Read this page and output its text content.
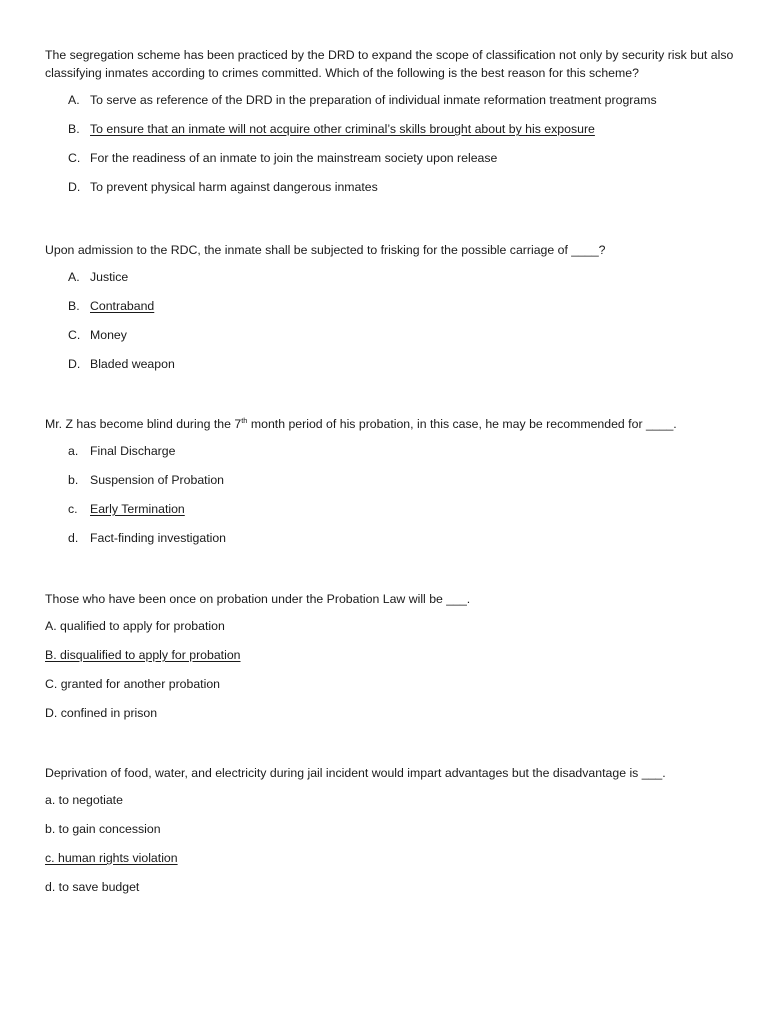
The segregation scheme has been practiced by the DRD to expand the scope of classification not only by security risk but also classifying inmates according to crimes committed. Which of the following is the best reason for this scheme?

A. To serve as reference of the DRD in the preparation of individual inmate reformation treatment programs
B. To ensure that an inmate will not acquire other criminal’s skills brought about by his exposure
C. For the readiness of an inmate to join the mainstream society upon release
D. To prevent physical harm against dangerous inmates

Upon admission to the RDC, the inmate shall be subjected to frisking for the possible carriage of ____?

A. Justice
B. Contraband
C. Money
D. Bladed weapon

Mr. Z has become blind during the 7th month period of his probation, in this case, he may be recommended for ____.

a. Final Discharge
b. Suspension of Probation
c.	Early Termination
d. Fact-finding investigation

Those who have been once on probation under the Probation Law will be ___.

A. qualified to apply for probation
B. disqualified to apply for probation
C. granted for another probation
D. confined in prison

Deprivation of food, water, and electricity during jail incident would impart advantages but the disadvantage is ___.

a. to negotiate
b. to gain concession
c. human rights violation
d. to save budget
